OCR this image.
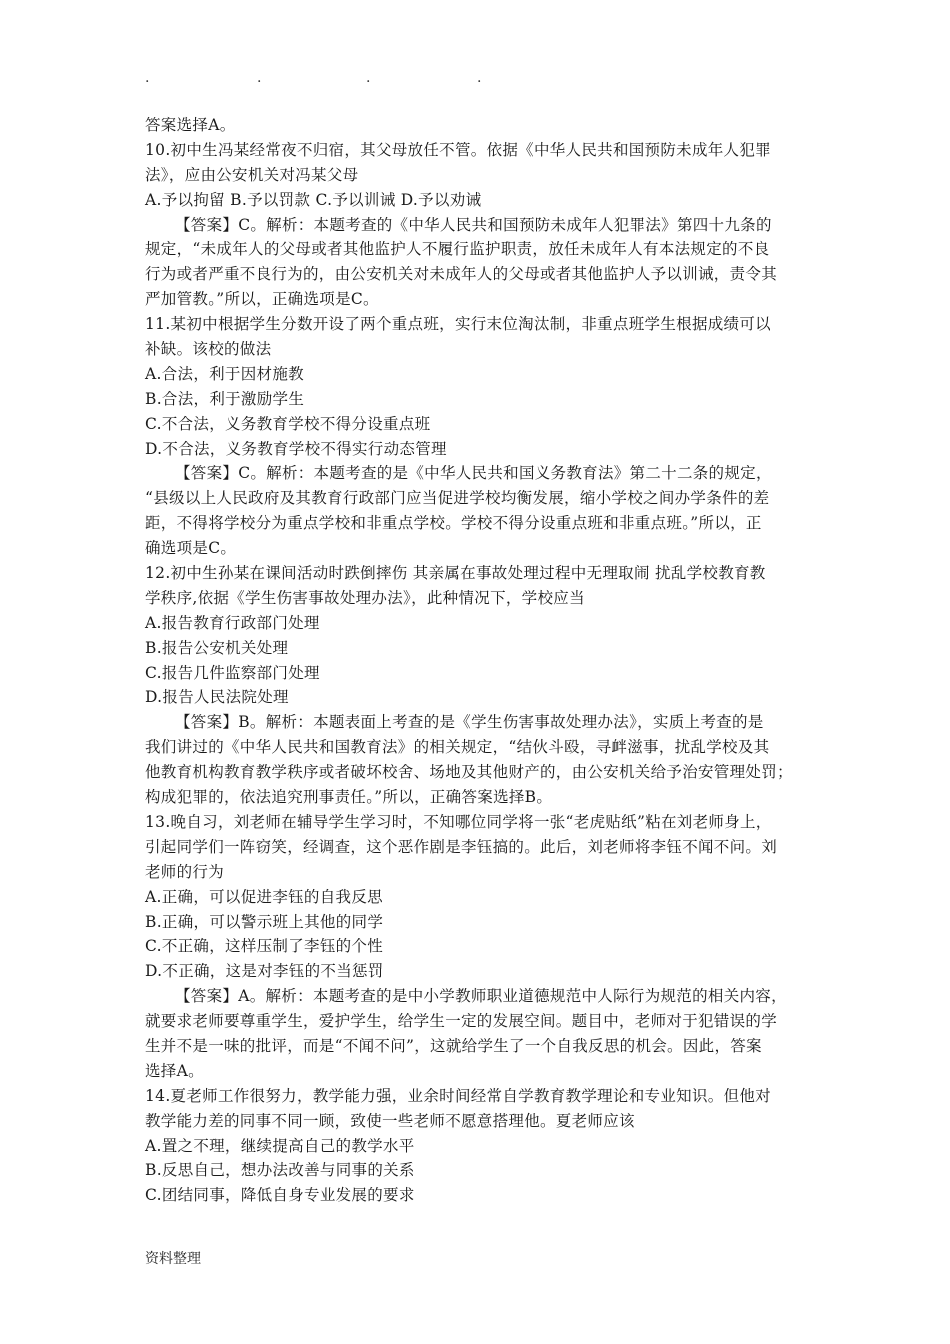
.	.	.	.
答案选择A。
10.初中生冯某经常夜不归宿，其父母放任不管。依据《中华人民共和国预防未成年人犯罪
法》，应由公安机关对冯某父母
A.予以拘留 B.予以罚款 C.予以训诫 D.予以劝诫
【答案】C。解析：本题考查的《中华人民共和国预防未成年人犯罪法》第四十九条的
规定，“未成年人的父母或者其他监护人不履行监护职责，放任未成年人有本法规定的不良
行为或者严重不良行为的，由公安机关对未成年人的父母或者其他监护人予以训诫，责令其
严加管教。”所以，正确选项是C。
11.某初中根据学生分数开设了两个重点班，实行末位淘汰制，非重点班学生根据成绩可以
补缺。该校的做法
A.合法，利于因材施教
B.合法，利于激励学生
C.不合法，义务教育学校不得分设重点班
D.不合法，义务教育学校不得实行动态管理
【答案】C。解析：本题考查的是《中华人民共和国义务教育法》第二十二条的规定，
“县级以上人民政府及其教育行政部门应当促进学校均衡发展，缩小学校之间办学条件的差
距，不得将学校分为重点学校和非重点学校。学校不得分设重点班和非重点班。”所以，正
确选项是C。
12.初中生孙某在课间活动时跌倒摔伤 其亲属在事故处理过程中无理取闹 扰乱学校教育教
学秩序,依据《学生伤害事故处理办法》，此种情况下，学校应当
A.报告教育行政部门处理
B.报告公安机关处理
C.报告几件监察部门处理
D.报告人民法院处理
【答案】B。解析：本题表面上考查的是《学生伤害事故处理办法》，实质上考查的是
我们讲过的《中华人民共和国教育法》的相关规定，“结伙斗殴，寻衅滋事，扰乱学校及其
他教育机构教育教学秩序或者破坏校舍、场地及其他财产的，由公安机关给予治安管理处罚；
构成犯罪的，依法追究刑事责任。”所以，正确答案选择B。
13.晚自习，刘老师在辅导学生学习时，不知哪位同学将一张“老虎贴纸”粘在刘老师身上，
引起同学们一阵窃笑，经调查，这个恶作剧是李钰搞的。此后，刘老师将李钰不闻不问。刘
老师的行为
A.正确，可以促进李钰的自我反思
B.正确，可以警示班上其他的同学
C.不正确，这样压制了李钰的个性
D.不正确，这是对李钰的不当惩罚
【答案】A。解析：本题考查的是中小学教师职业道德规范中人际行为规范的相关内容，
就要求老师要尊重学生，爱护学生，给学生一定的发展空间。题目中，老师对于犯错误的学
生并不是一味的批评，而是“不闻不问”，这就给学生了一个自我反思的机会。因此，答案
选择A。
14.夏老师工作很努力，教学能力强，业余时间经常自学教育教学理论和专业知识。但他对
教学能力差的同事不同一顾，致使一些老师不愿意搭理他。夏老师应该
A.置之不理，继续提高自己的教学水平
B.反思自己，想办法改善与同事的关系
C.团结同事，降低自身专业发展的要求
资料整理
